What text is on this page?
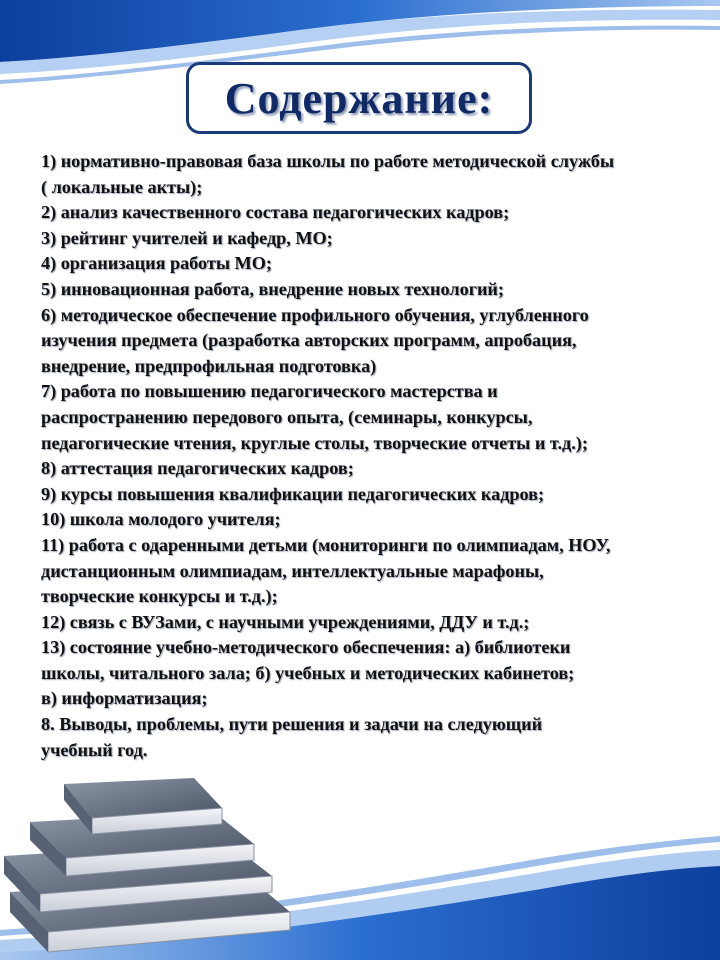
Содержание:
1) нормативно-правовая база школы по работе методической службы
( локальные акты);
2) анализ качественного состава педагогических кадров;
3) рейтинг учителей и кафедр, МО;
4) организация работы МО;
5) инновационная работа, внедрение новых технологий;
6) методическое обеспечение профильного обучения, углубленного
изучения предмета (разработка авторских программ, апробация,
внедрение, предпрофильная подготовка)
7) работа по повышению педагогического мастерства и
распространению передового опыта, (семинары, конкурсы,
педагогические чтения, круглые столы, творческие отчеты и т.д.);
8) аттестация педагогических кадров;
9) курсы повышения квалификации педагогических кадров;
10) школа молодого учителя;
11) работа с одаренными детьми (мониторинги по олимпиадам, НОУ,
дистанционным олимпиадам, интеллектуальные марафоны,
творческие конкурсы и т.д.);
12) связь с ВУЗами, с научными учреждениями, ДДУ и т.д.;
13) состояние учебно-методического обеспечения: а) библиотеки
школы, читального зала; б) учебных и методических кабинетов;
в) информатизация;
8. Выводы, проблемы, пути решения и задачи на следующий
учебный год.
